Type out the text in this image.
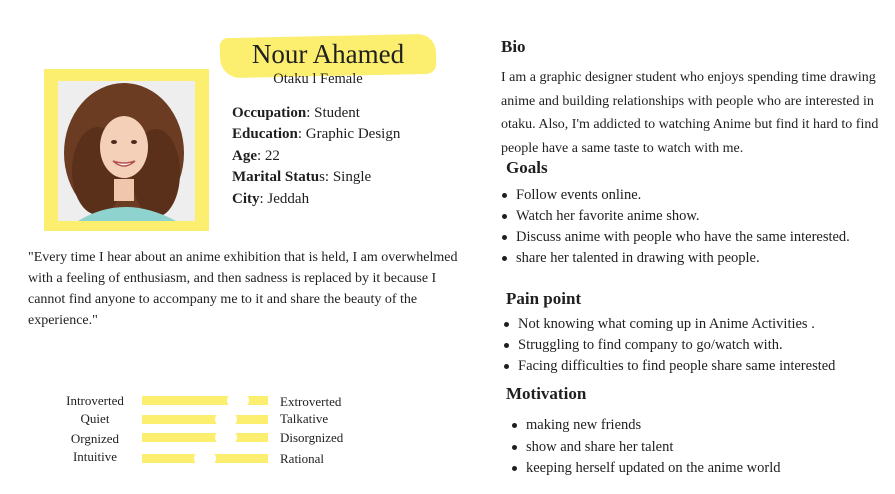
Nour Ahamed
Otaku l Female
Occupation: Student
Education: Graphic Design
Age: 22
Marital Status: Single
City: Jeddah
"Every time I hear about an anime exhibition that is held, I am overwhelmed with a feeling of enthusiasm, and then sadness is replaced by it because I cannot find anyone to accompany me to it and share the beauty of the experience."
Introverted	Extroverted
Quiet	Talkative
Orgnized	Disorgnized
Intuitive	Rational
Bio
I am a graphic designer student who enjoys spending time drawing anime and building relationships with people who are interested in otaku. Also, I'm addicted to watching Anime but find it hard to find people have a same taste to watch with me.
Goals
Follow events online.
Watch her favorite anime show.
Discuss anime with people who have the same interested.
share her talented in drawing with people.
Pain point
Not knowing what coming up in Anime Activities .
Struggling to find company to go/watch with.
Facing difficulties to find people share same interested
Motivation
making new friends
show and share her talent
keeping herself updated on the anime world
